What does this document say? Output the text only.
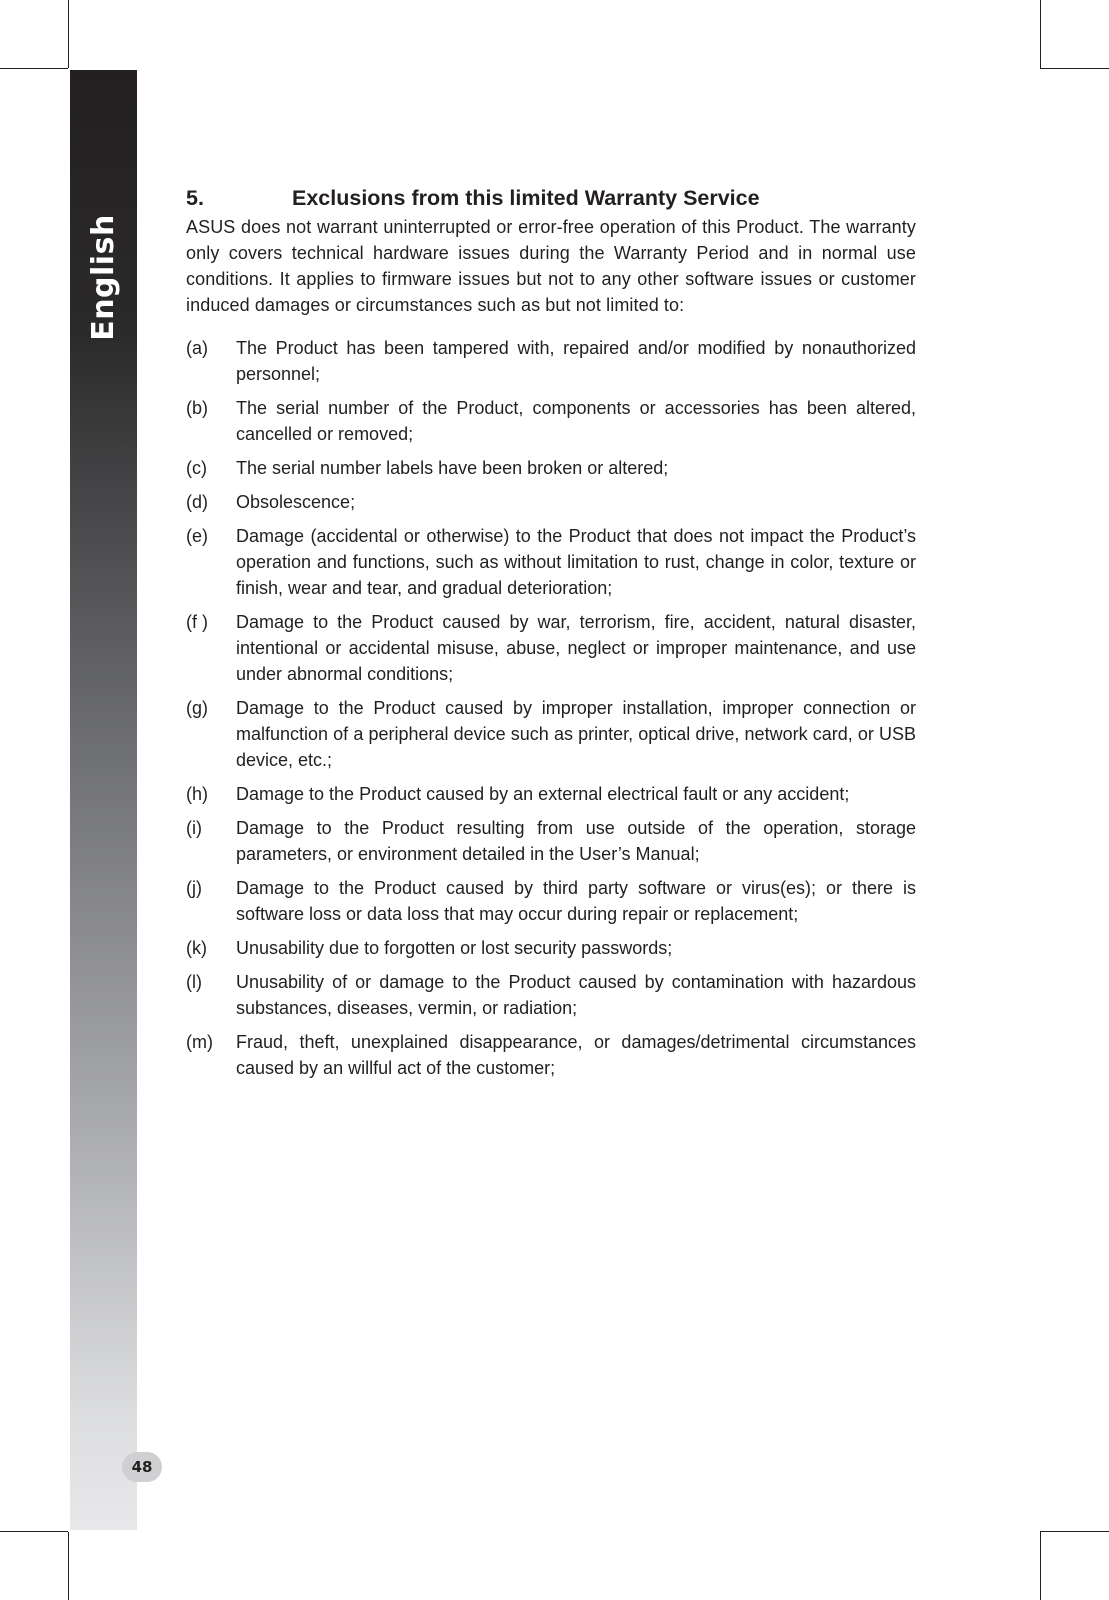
English
48
5.	Exclusions from this limited Warranty Service

ASUS does not warrant uninterrupted or error-free operation of this Product. The warranty only covers technical hardware issues during the Warranty Period and in normal use conditions. It applies to firmware issues but not to any other software issues or customer induced damages or circumstances such as but not limited to:

(a)	The Product has been tampered with, repaired and/or modified by nonauthorized personnel;
(b)	The serial number of the Product, components or accessories has been altered, cancelled or removed;
(c)	The serial number labels have been broken or altered;
(d)	Obsolescence;
(e)	Damage (accidental or otherwise) to the Product that does not impact the Product’s operation and functions, such as without limitation to rust, change in color, texture or finish, wear and tear, and gradual deterioration;
(f )	Damage to the Product caused by war, terrorism, fire, accident, natural disaster, intentional or accidental misuse, abuse, neglect or improper maintenance, and use under abnormal conditions;
(g)	Damage to the Product caused by improper installation, improper connection or malfunction of a peripheral device such as printer, optical drive, network card, or USB device, etc.;
(h)	Damage to the Product caused by an external electrical fault or any accident;
(i)	Damage to the Product resulting from use outside of the operation, storage parameters, or environment detailed in the User’s Manual;
(j)	Damage to the Product caused by third party software or virus(es); or there is software loss or data loss that may occur during repair or replacement;
(k)	Unusability due to forgotten or lost security passwords;
(l)	Unusability of or damage to the Product caused by contamination with hazardous substances, diseases, vermin, or radiation;
(m)	Fraud, theft, unexplained disappearance, or damages/detrimental circumstances caused by an willful act of the customer;
